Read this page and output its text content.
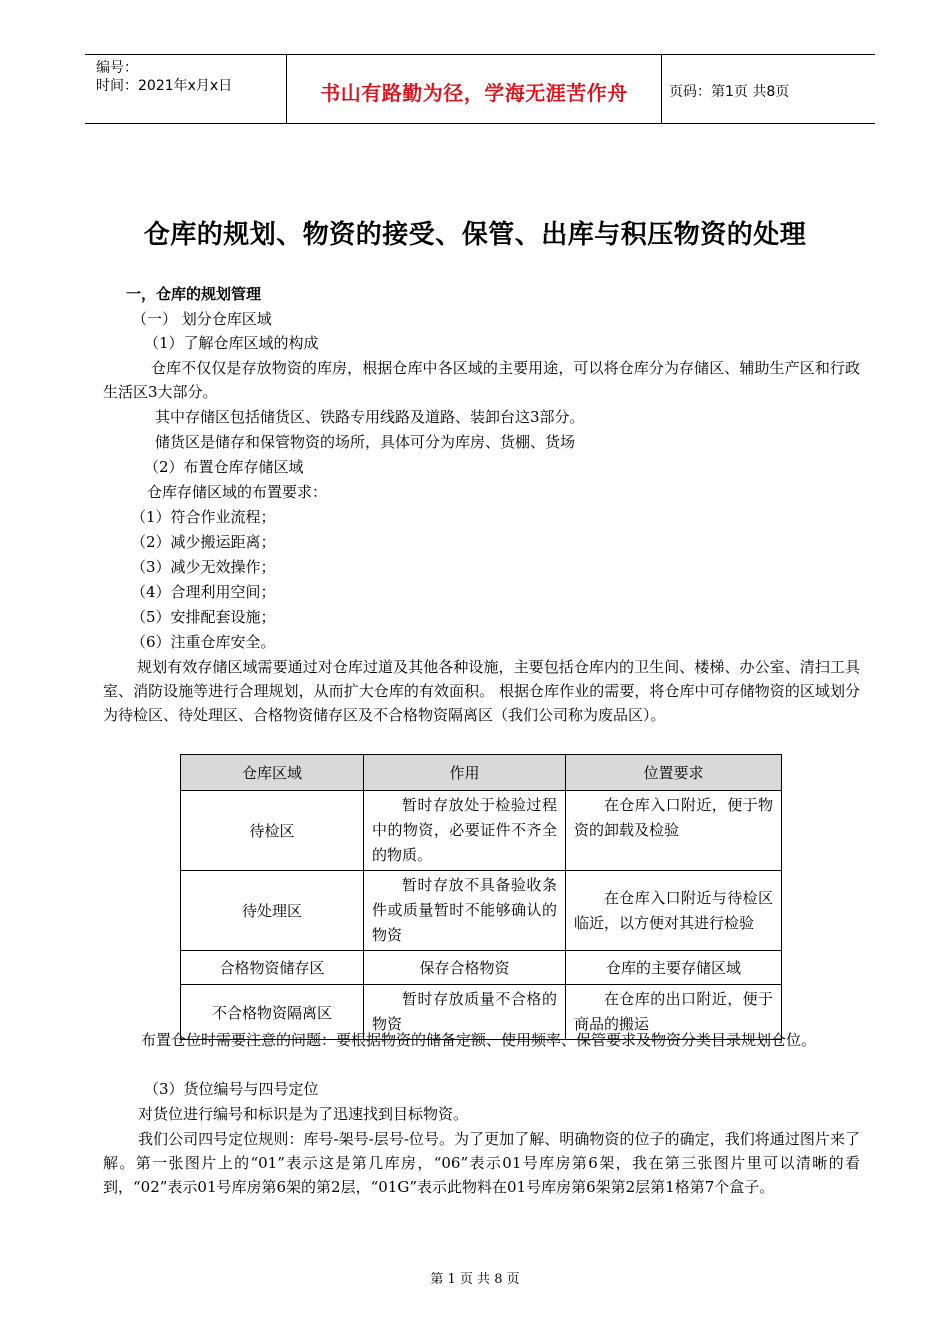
编号：
时间：2021年x月x日	书山有路勤为径，学海无涯苦作舟	页码：第1页 共8页
仓库的规划、物资的接受、保管、出库与积压物资的处理
一，仓库的规划管理
（一） 划分仓库区域
（1）了解仓库区域的构成
仓库不仅仅是存放物资的库房，根据仓库中各区域的主要用途，可以将仓库分为存储区、辅助生产区和行政生活区3大部分。
其中存储区包括储货区、铁路专用线路及道路、装卸台这3部分。
储货区是储存和保管物资的场所，具体可分为库房、货棚、货场
（2）布置仓库存储区域
仓库存储区域的布置要求：
（1）符合作业流程；
（2）减少搬运距离；
（3）减少无效操作；
（4）合理利用空间；
（5）安排配套设施；
（6）注重仓库安全。
规划有效存储区域需要通过对仓库过道及其他各种设施，主要包括仓库内的卫生间、楼梯、办公室、清扫工具室、消防设施等进行合理规划，从而扩大仓库的有效面积。 根据仓库作业的需要，将仓库中可存储物资的区域划分为待检区、待处理区、合格物资储存区及不合格物资隔离区（我们公司称为废品区）。
仓库区域	作用	位置要求
待检区	暂时存放处于检验过程中的物资，必要证件不齐全的物质。	在仓库入口附近，便于物资的卸载及检验
待处理区	暂时存放不具备验收条件或质量暂时不能够确认的物资	在仓库入口附近与待检区临近，以方便对其进行检验
合格物资储存区	保存合格物资	仓库的主要存储区域
不合格物资隔离区	暂时存放质量不合格的物资	在仓库的出口附近，便于商品的搬运
布置仓位时需要注意的问题：要根据物资的储备定额、使用频率、保管要求及物资分类目录规划仓位。
（3）货位编号与四号定位
对货位进行编号和标识是为了迅速找到目标物资。
我们公司四号定位规则：库号-架号-层号-位号。为了更加了解、明确物资的位子的确定，我们将通过图片来了解。第一张图片上的“01”表示这是第几库房，“06”表示01号库房第6架，我在第三张图片里可以清晰的看到，“02”表示01号库房第6架的第2层，“01G”表示此物料在01号库房第6架第2层第1格第7个盒子。
第 1 页 共 8 页
